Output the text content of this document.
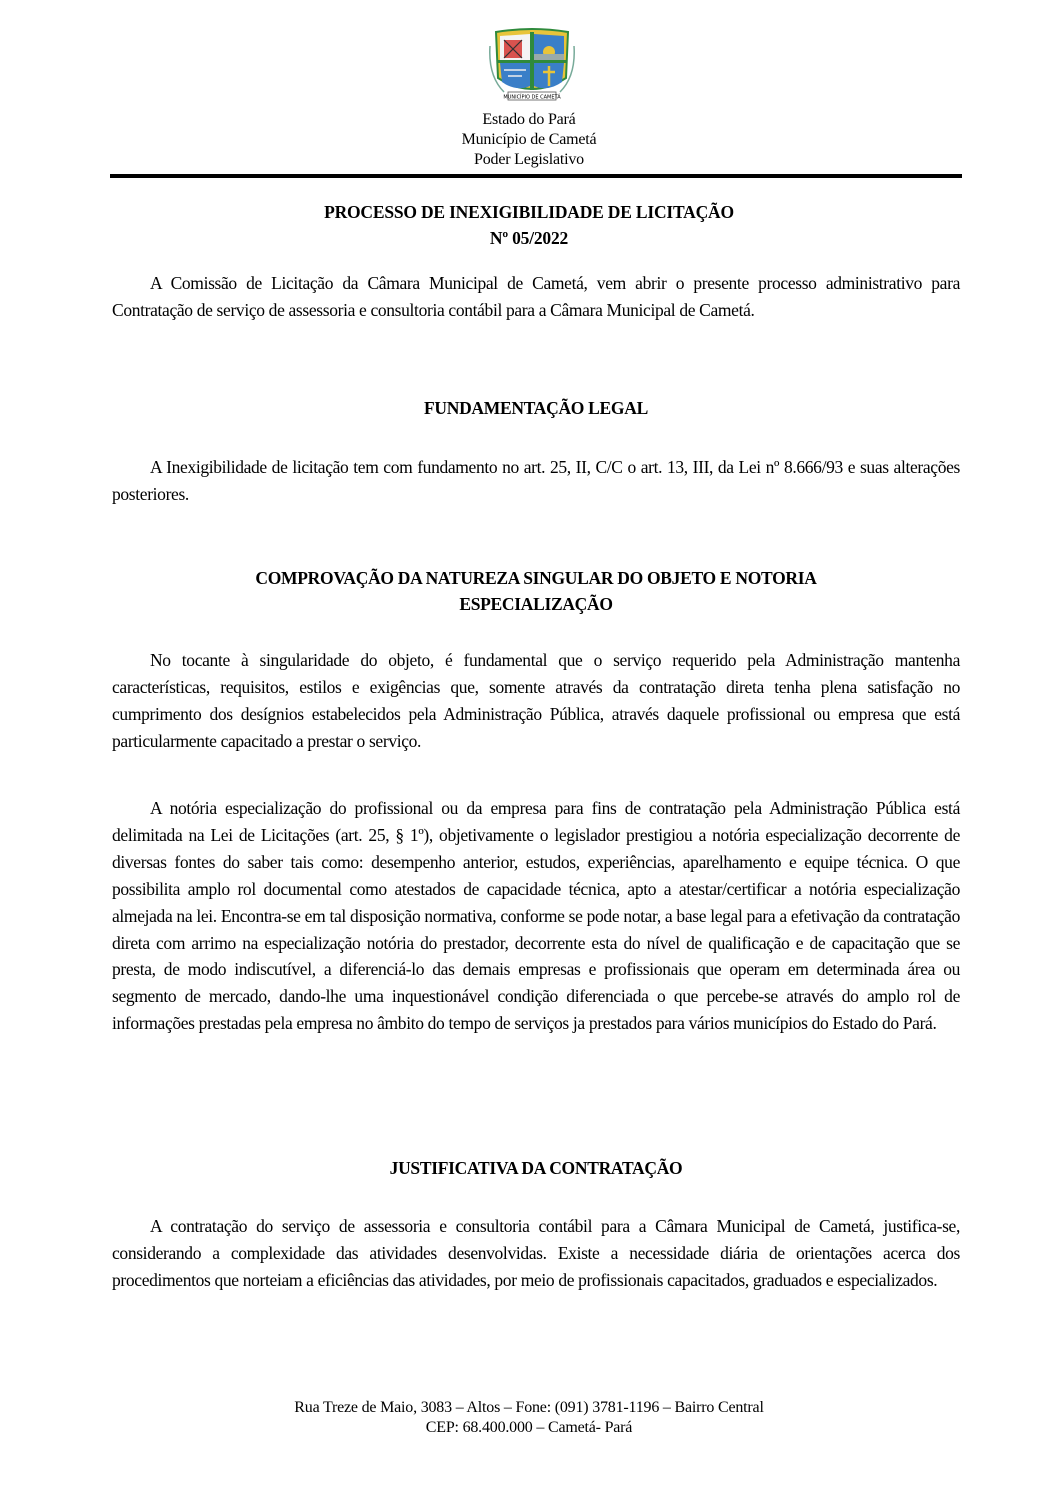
MUNICÍPIO DE CAMETÁ
Estado do Pará
Município de Cametá
Poder Legislativo
PROCESSO DE INEXIGIBILIDADE DE LICITAÇÃO
Nº 05/2022

A Comissão de Licitação da Câmara Municipal de Cametá, vem abrir o presente processo administrativo para Contratação de serviço de assessoria e consultoria contábil para a Câmara Municipal de Cametá.

FUNDAMENTAÇÃO LEGAL

A Inexigibilidade de licitação tem com fundamento no art. 25, II, C/C o art. 13, III, da Lei nº 8.666/93 e suas alterações posteriores.

COMPROVAÇÃO DA NATUREZA SINGULAR DO OBJETO E NOTORIA
ESPECIALIZAÇÃO

No tocante à singularidade do objeto, é fundamental que o serviço requerido pela Administração mantenha características, requisitos, estilos e exigências que, somente através da contratação direta tenha plena satisfação no cumprimento dos desígnios estabelecidos pela Administração Pública, através daquele profissional ou empresa que está particularmente capacitado a prestar o serviço.

A notória especialização do profissional ou da empresa para fins de contratação pela Administração Pública está delimitada na Lei de Licitações (art. 25, § 1º), objetivamente o legislador prestigiou a notória especialização decorrente de diversas fontes do saber tais como: desempenho anterior, estudos, experiências, aparelhamento e equipe técnica. O que possibilita amplo rol documental como atestados de capacidade técnica, apto a atestar/certificar a notória especialização almejada na lei. Encontra-se em tal disposição normativa, conforme se pode notar, a base legal para a efetivação da contratação direta com arrimo na especialização notória do prestador, decorrente esta do nível de qualificação e de capacitação que se presta, de modo indiscutível, a diferenciá-lo das demais empresas e profissionais que operam em determinada área ou segmento de mercado, dando-lhe uma inquestionável condição diferenciada o que percebe-se através do amplo rol de informações prestadas pela empresa no âmbito do tempo de serviços ja prestados para vários municípios do Estado do Pará.

JUSTIFICATIVA DA CONTRATAÇÃO

A contratação do serviço de assessoria e consultoria contábil para a Câmara Municipal de Cametá, justifica-se, considerando a complexidade das atividades desenvolvidas. Existe a necessidade diária de orientações acerca dos procedimentos que norteiam a eficiências das atividades, por meio de profissionais capacitados, graduados e especializados.

Rua Treze de Maio, 3083 – Altos – Fone: (091) 3781-1196 – Bairro Central
CEP: 68.400.000 – Cametá- Pará
